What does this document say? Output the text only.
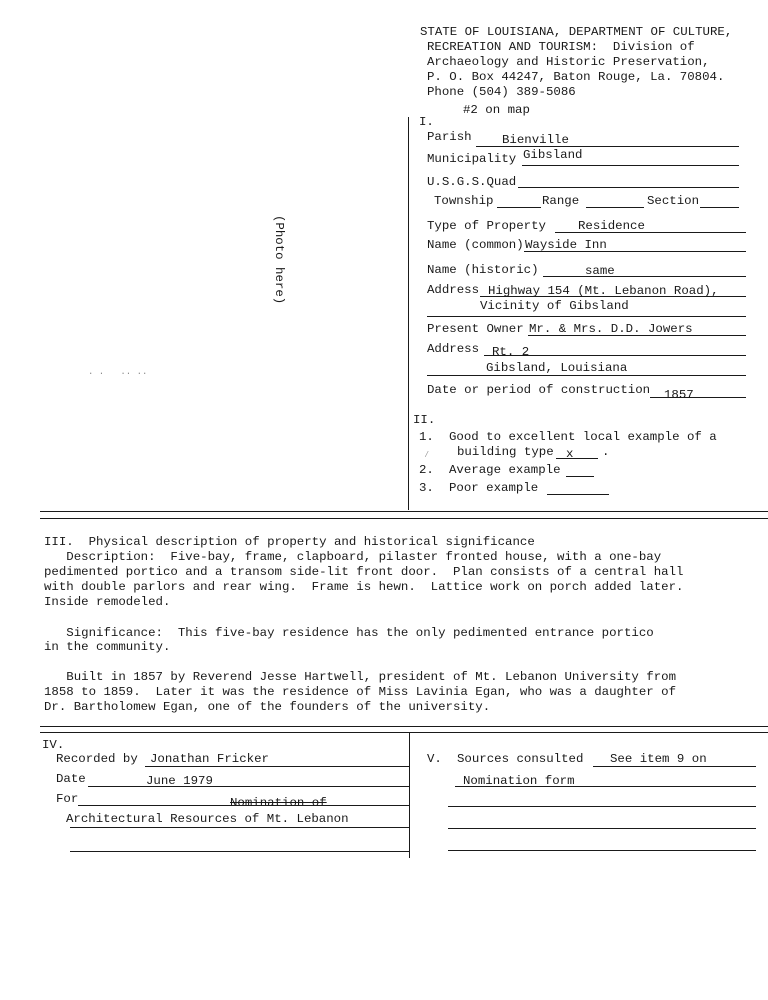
STATE OF LOUISIANA, DEPARTMENT OF CULTURE,
RECREATION AND TOURISM:  Division of
Archaeology and Historic Preservation,
P. O. Box 44247, Baton Rouge, La. 70804.
Phone (504) 389-5086
#2 on map
(Photo here)
. .   .. ..
I.
Parish Bienville
Municipality Gibsland
U.S.G.S.Quad
Township	Range	Section
Type of Property	Residence
Name (common) Wayside Inn
Name (historic)	same
Address Highway 154 (Mt. Lebanon Road),
Vicinity of Gibsland
Present Owner Mr. & Mrs. D.D. Jowers
Address Rt. 2
Gibsland, Louisiana
Date or period of construction 1857
II.
1. Good to excellent local example of a
building type x .
⁄
2. Average example
3. Poor example
III.  Physical description of property and historical significance
Description:  Five-bay, frame, clapboard, pilaster fronted house, with a one-bay
pedimented portico and a transom side-lit front door.  Plan consists of a central hall
with double parlors and rear wing.  Frame is hewn.  Lattice work on porch added later.
Inside remodeled.
Significance:  This five-bay residence has the only pedimented entrance portico
in the community.
Built in 1857 by Reverend Jesse Hartwell, president of Mt. Lebanon University from
1858 to 1859.  Later it was the residence of Miss Lavinia Egan, who was a daughter of
Dr. Bartholomew Egan, one of the founders of the university.
IV.
Recorded by Jonathan Fricker
Date	June 1979
For	Nomination of
Architectural Resources of Mt. Lebanon
V. Sources consulted See item 9 on
Nomination form
